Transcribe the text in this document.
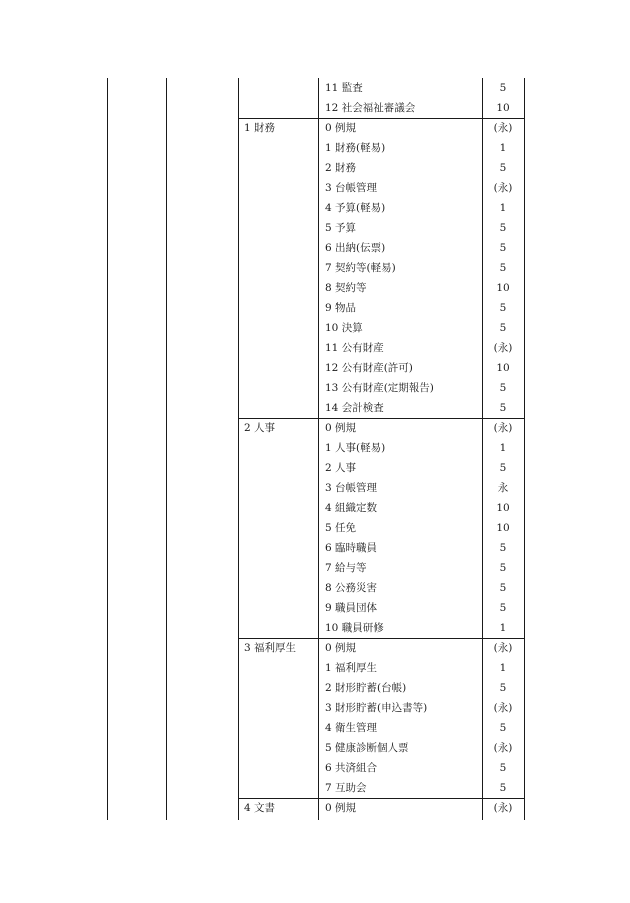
11 監査	5
12 社会福祉審議会	10
1 財務	0 例規	(永)
1 財務(軽易)	1
2 財務	5
3 台帳管理	(永)
4 予算(軽易)	1
5 予算	5
6 出納(伝票)	5
7 契約等(軽易)	5
8 契約等	10
9 物品	5
10 決算	5
11 公有財産	(永)
12 公有財産(許可)	10
13 公有財産(定期報告)	5
14 会計検査	5
2 人事	0 例規	(永)
1 人事(軽易)	1
2 人事	5
3 台帳管理	永
4 組織定数	10
5 任免	10
6 臨時職員	5
7 給与等	5
8 公務災害	5
9 職員団体	5
10 職員研修	1
3 福利厚生	0 例規	(永)
1 福利厚生	1
2 財形貯蓄(台帳)	5
3 財形貯蓄(申込書等)	(永)
4 衛生管理	5
5 健康診断個人票	(永)
6 共済組合	5
7 互助会	5
4 文書	0 例規	(永)
